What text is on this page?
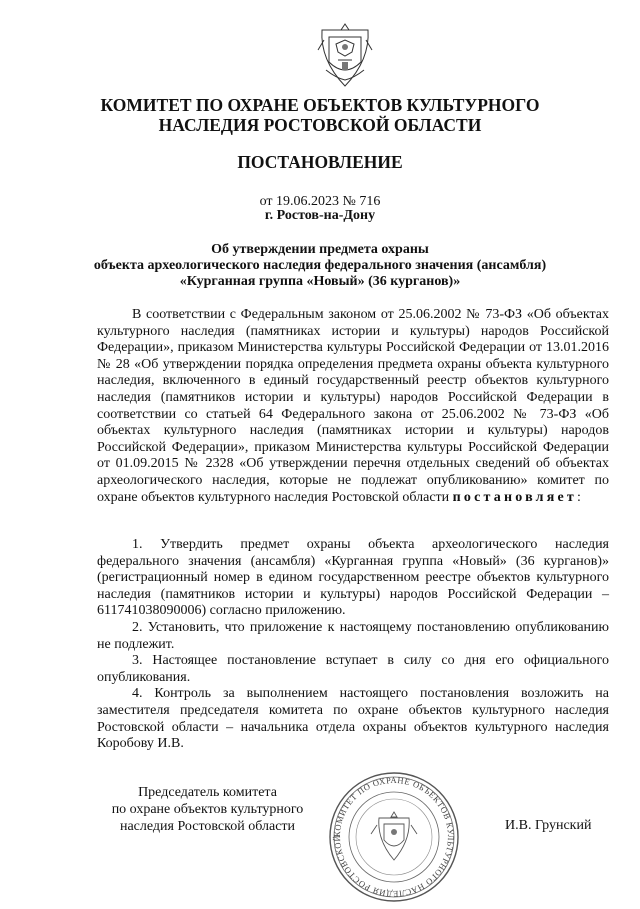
КОМИТЕТ ПО ОХРАНЕ ОБЪЕКТОВ КУЛЬТУРНОГО
НАСЛЕДИЯ РОСТОВСКОЙ ОБЛАСТИ
ПОСТАНОВЛЕНИЕ
от 19.06.2023 № 716
г. Ростов-на-Дону
Об утверждении предмета охраны
объекта археологического наследия федерального значения (ансамбля)
«Курганная группа «Новый» (36 курганов)»
В соответствии с Федеральным законом от 25.06.2002 № 73-ФЗ «Об объектах культурного наследия (памятниках истории и культуры) народов Российской Федерации», приказом Министерства культуры Российской Федерации от 13.01.2016 № 28 «Об утверждении порядка определения предмета охраны объекта культурного наследия, включенного в единый государственный реестр объектов культурного наследия (памятников истории и культуры) народов Российской Федерации в соответствии со статьей 64 Федерального закона от 25.06.2002 № 73-ФЗ «Об объектах культурного наследия (памятниках истории и культуры) народов Российской Федерации», приказом Министерства культуры Российской Федерации от 01.09.2015 № 2328 «Об утверждении перечня отдельных сведений об объектах археологического наследия, которые не подлежат опубликованию» комитет по охране объектов культурного наследия Ростовской области постановляет:

1. Утвердить предмет охраны объекта археологического наследия федерального значения (ансамбля) «Курганная группа «Новый» (36 курганов)» (регистрационный номер в едином государственном реестре объектов культурного наследия (памятников истории и культуры) народов Российской Федерации – 611741038090006) согласно приложению.

2. Установить, что приложение к настоящему постановлению опубликованию не подлежит.

3. Настоящее постановление вступает в силу со дня его официального опубликования.

4. Контроль за выполнением настоящего постановления возложить на заместителя председателя комитета по охране объектов культурного наследия Ростовской области – начальника отдела охраны объектов культурного наследия Коробову И.В.

Председатель комитета
по охране объектов культурного
наследия Ростовской области	КОМИТЕТ ПО ОХРАНЕ ОБЪЕКТОВ КУЛЬТУРНОГО НАСЛЕДИЯ РОСТОВСКОЙ
И.В. Грунский
